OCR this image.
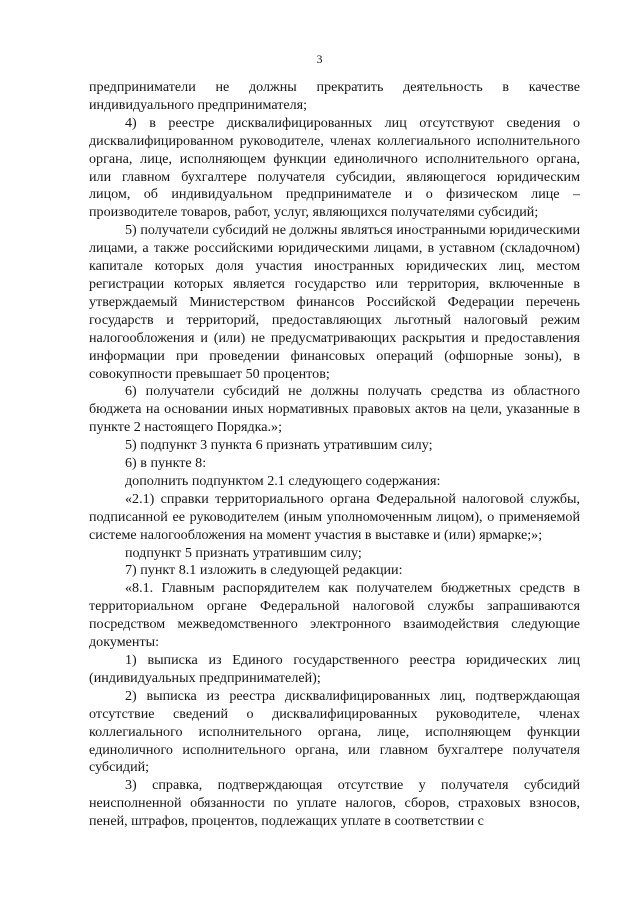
3

предприниматели не должны прекратить деятельность в качестве индивидуального предпринимателя;

4) в реестре дисквалифицированных лиц отсутствуют сведения о дисквалифицированном руководителе, членах коллегиального исполнительного органа, лице, исполняющем функции единоличного исполнительного органа, или главном бухгалтере получателя субсидии, являющегося юридическим лицом, об индивидуальном предпринимателе и о физическом лице – производителе товаров, работ, услуг, являющихся получателями субсидий;

5) получатели субсидий не должны являться иностранными юридическими лицами, а также российскими юридическими лицами, в уставном (складочном) капитале которых доля участия иностранных юридических лиц, местом регистрации которых является государство или территория, включенные в утверждаемый Министерством финансов Российской Федерации перечень государств и территорий, предоставляющих льготный налоговый режим налогообложения и (или) не предусматривающих раскрытия и предоставления информации при проведении финансовых операций (офшорные зоны), в совокупности превышает 50 процентов;

6) получатели субсидий не должны получать средства из областного бюджета на основании иных нормативных правовых актов на цели, указанные в пункте 2 настоящего Порядка.»;

5) подпункт 3 пункта 6 признать утратившим силу;

6) в пункте 8:

дополнить подпунктом 2.1 следующего содержания:

«2.1) справки территориального органа Федеральной налоговой службы, подписанной ее руководителем (иным уполномоченным лицом), о применяемой системе налогообложения на момент участия в выставке и (или) ярмарке;»;

подпункт 5 признать утратившим силу;

7) пункт 8.1 изложить в следующей редакции:

«8.1. Главным распорядителем как получателем бюджетных средств в территориальном органе Федеральной налоговой службы запрашиваются посредством межведомственного электронного взаимодействия следующие документы:

1) выписка из Единого государственного реестра юридических лиц (индивидуальных предпринимателей);

2) выписка из реестра дисквалифицированных лиц, подтверждающая отсутствие сведений о дисквалифицированных руководителе, членах коллегиального исполнительного органа, лице, исполняющем функции единоличного исполнительного органа, или главном бухгалтере получателя субсидий;

3) справка, подтверждающая отсутствие у получателя субсидий неисполненной обязанности по уплате налогов, сборов, страховых взносов, пеней, штрафов, процентов, подлежащих уплате в соответствии с
